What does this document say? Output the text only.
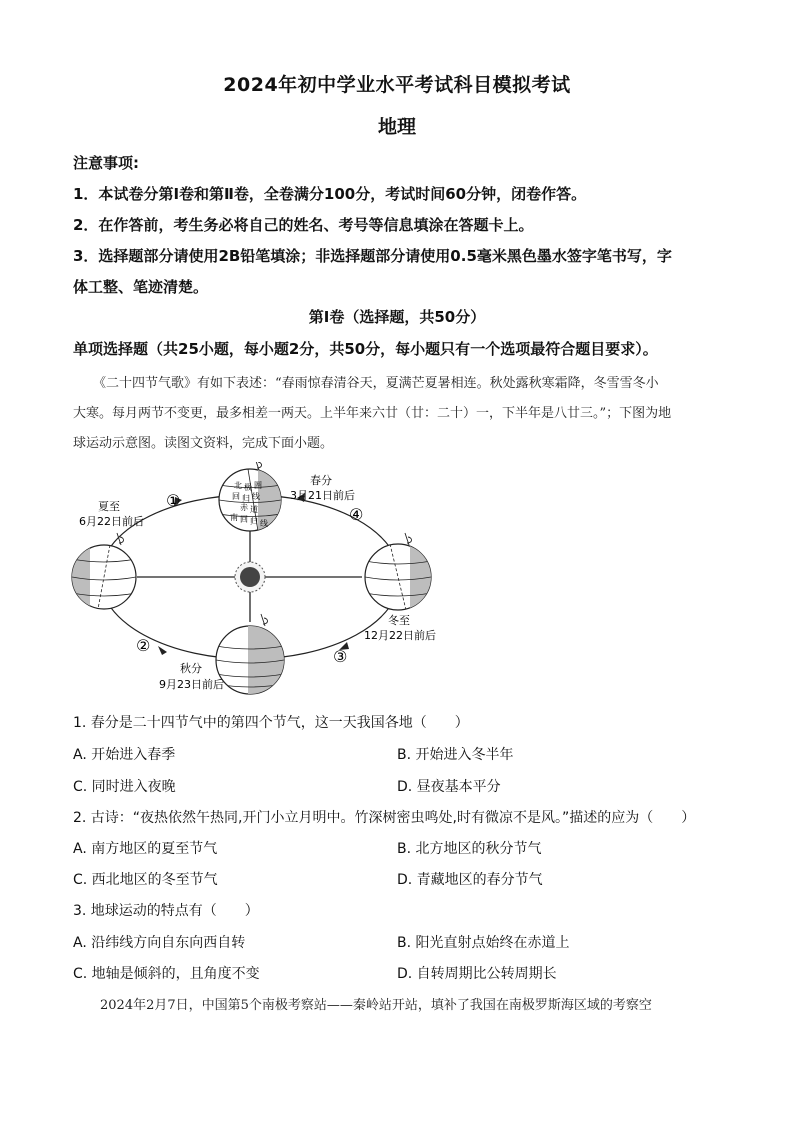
2024年初中学业水平考试科目模拟考试
地理
注意事项:
1．本试卷分第Ⅰ卷和第Ⅱ卷，全卷满分100分，考试时间60分钟，闭卷作答。
2．在作答前，考生务必将自己的姓名、考号等信息填涂在答题卡上。
3．选择题部分请使用2B铅笔填涂；非选择题部分请使用0.5毫米黑色墨水签字笔书写，字
体工整、笔迹清楚。
第Ⅰ卷（选择题，共50分）
单项选择题（共25小题，每小题2分，共50分，每小题只有一个选项最符合题目要求）。
《二十四节气歌》有如下表述：“春雨惊春清谷天，夏满芒夏暑相连。秋处露秋寒霜降，冬雪雪冬小
大寒。每月两节不变更，最多相差一两天。上半年来六廿（廿：二十）一，下半年是八廿三。”；下图为地
球运动示意图。读图文资料，完成下面小题。
北 极 圈
回 归 线
赤 道
南 回 归 线
①
②
③
④
春分
3月21日前后
夏至
6月22日前后
秋分
9月23日前后
冬至
12月22日前后
1. 春分是二十四节气中的第四个节气，这一天我国各地（　　）
A. 开始进入春季	B. 开始进入冬半年
C. 同时进入夜晚	D. 昼夜基本平分
2. 古诗：“夜热依然午热同,开门小立月明中。竹深树密虫鸣处,时有微凉不是风。”描述的应为（　　）
A. 南方地区的夏至节气	B. 北方地区的秋分节气
C. 西北地区的冬至节气	D. 青藏地区的春分节气
3. 地球运动的特点有（　　）
A. 沿纬线方向自东向西自转	B. 阳光直射点始终在赤道上
C. 地轴是倾斜的，且角度不变	D. 自转周期比公转周期长
2024年2月7日，中国第5个南极考察站——秦岭站开站，填补了我国在南极罗斯海区域的考察空
